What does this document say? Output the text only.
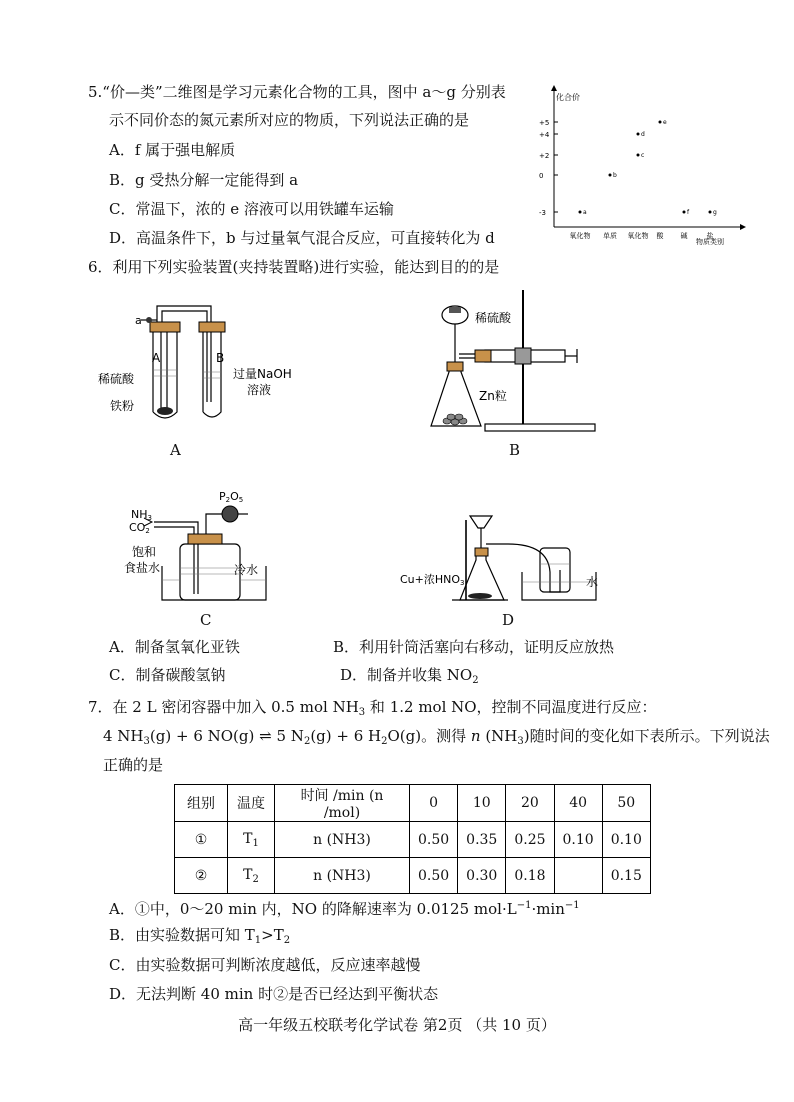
5.“价—类”二维图是学习元素化合物的工具，图中 a～g 分别表
示不同价态的氮元素所对应的物质，下列说法正确的是
A．f 属于强电解质
B．g 受热分解一定能得到 a
C．常温下，浓的 e 溶液可以用铁罐车运输
D．高温条件下，b 与过量氧气混合反应，可直接转化为 d
化合价
+5
+4
+2
0
-3
氧化物 单质 氧化物 酸 碱	盐
a
b
c
d
e
f	g
物质类别
6．利用下列实验装置(夹持装置略)进行实验，能达到目的的是
a
A	B
稀硫酸
铁粉
过量NaOH
溶液
A
稀硫酸
Zn粒
B
NH3
CO2
P2O5
饱和
食盐水	冷水
C
Cu+浓HNO3	水
D
A．制备氢氧化亚铁	B．利用针筒活塞向右移动，证明反应放热
C．制备碳酸氢钠	D．制备并收集 $NO_2$
7．在 2 L 密闭容器中加入 0.5 mol $NH_3$ 和 1.2 mol NO，控制不同温度进行反应：
4 $NH_3(g) + 6$ NO(g) ⇌ 5 $N_2(g) + 6$ $H_2O(g)$。测得 n $(NH_3)$随时间的变化如下表所示。下列说法
正确的是
组别	温度	时间 /min (n /mol)	0	10	20	40	50
①	$T_1$	n (NH3)	0.50	0.35	0.25	0.10	0.10
②	$T_2$	n (NH3)	0.50	0.30	0.18		0.15
A．①中，0～20 min 内，NO 的降解速率为 0.0125 $mol\cdot L^{-1}\cdot\min^{-1}$
B．由实验数据可知 $T_1>T_2$
C．由实验数据可判断浓度越低，反应速率越慢
D．无法判断 40 min 时②是否已经达到平衡状态
高一年级五校联考化学试卷 第2页 （共 10 页）
